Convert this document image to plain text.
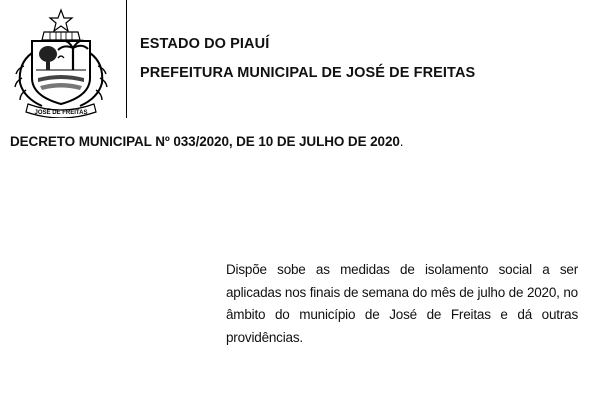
JOSÉ DE FREITAS
ESTADO DO PIAUÍ
PREFEITURA MUNICIPAL DE JOSÉ DE FREITAS
DECRETO MUNICIPAL Nº 033/2020, DE 10 DE JULHO DE 2020.
Dispõe sobe as medidas de isolamento social a ser aplicadas nos finais de semana do mês de julho de 2020, no âmbito do município de José de Freitas e dá outras providências.
